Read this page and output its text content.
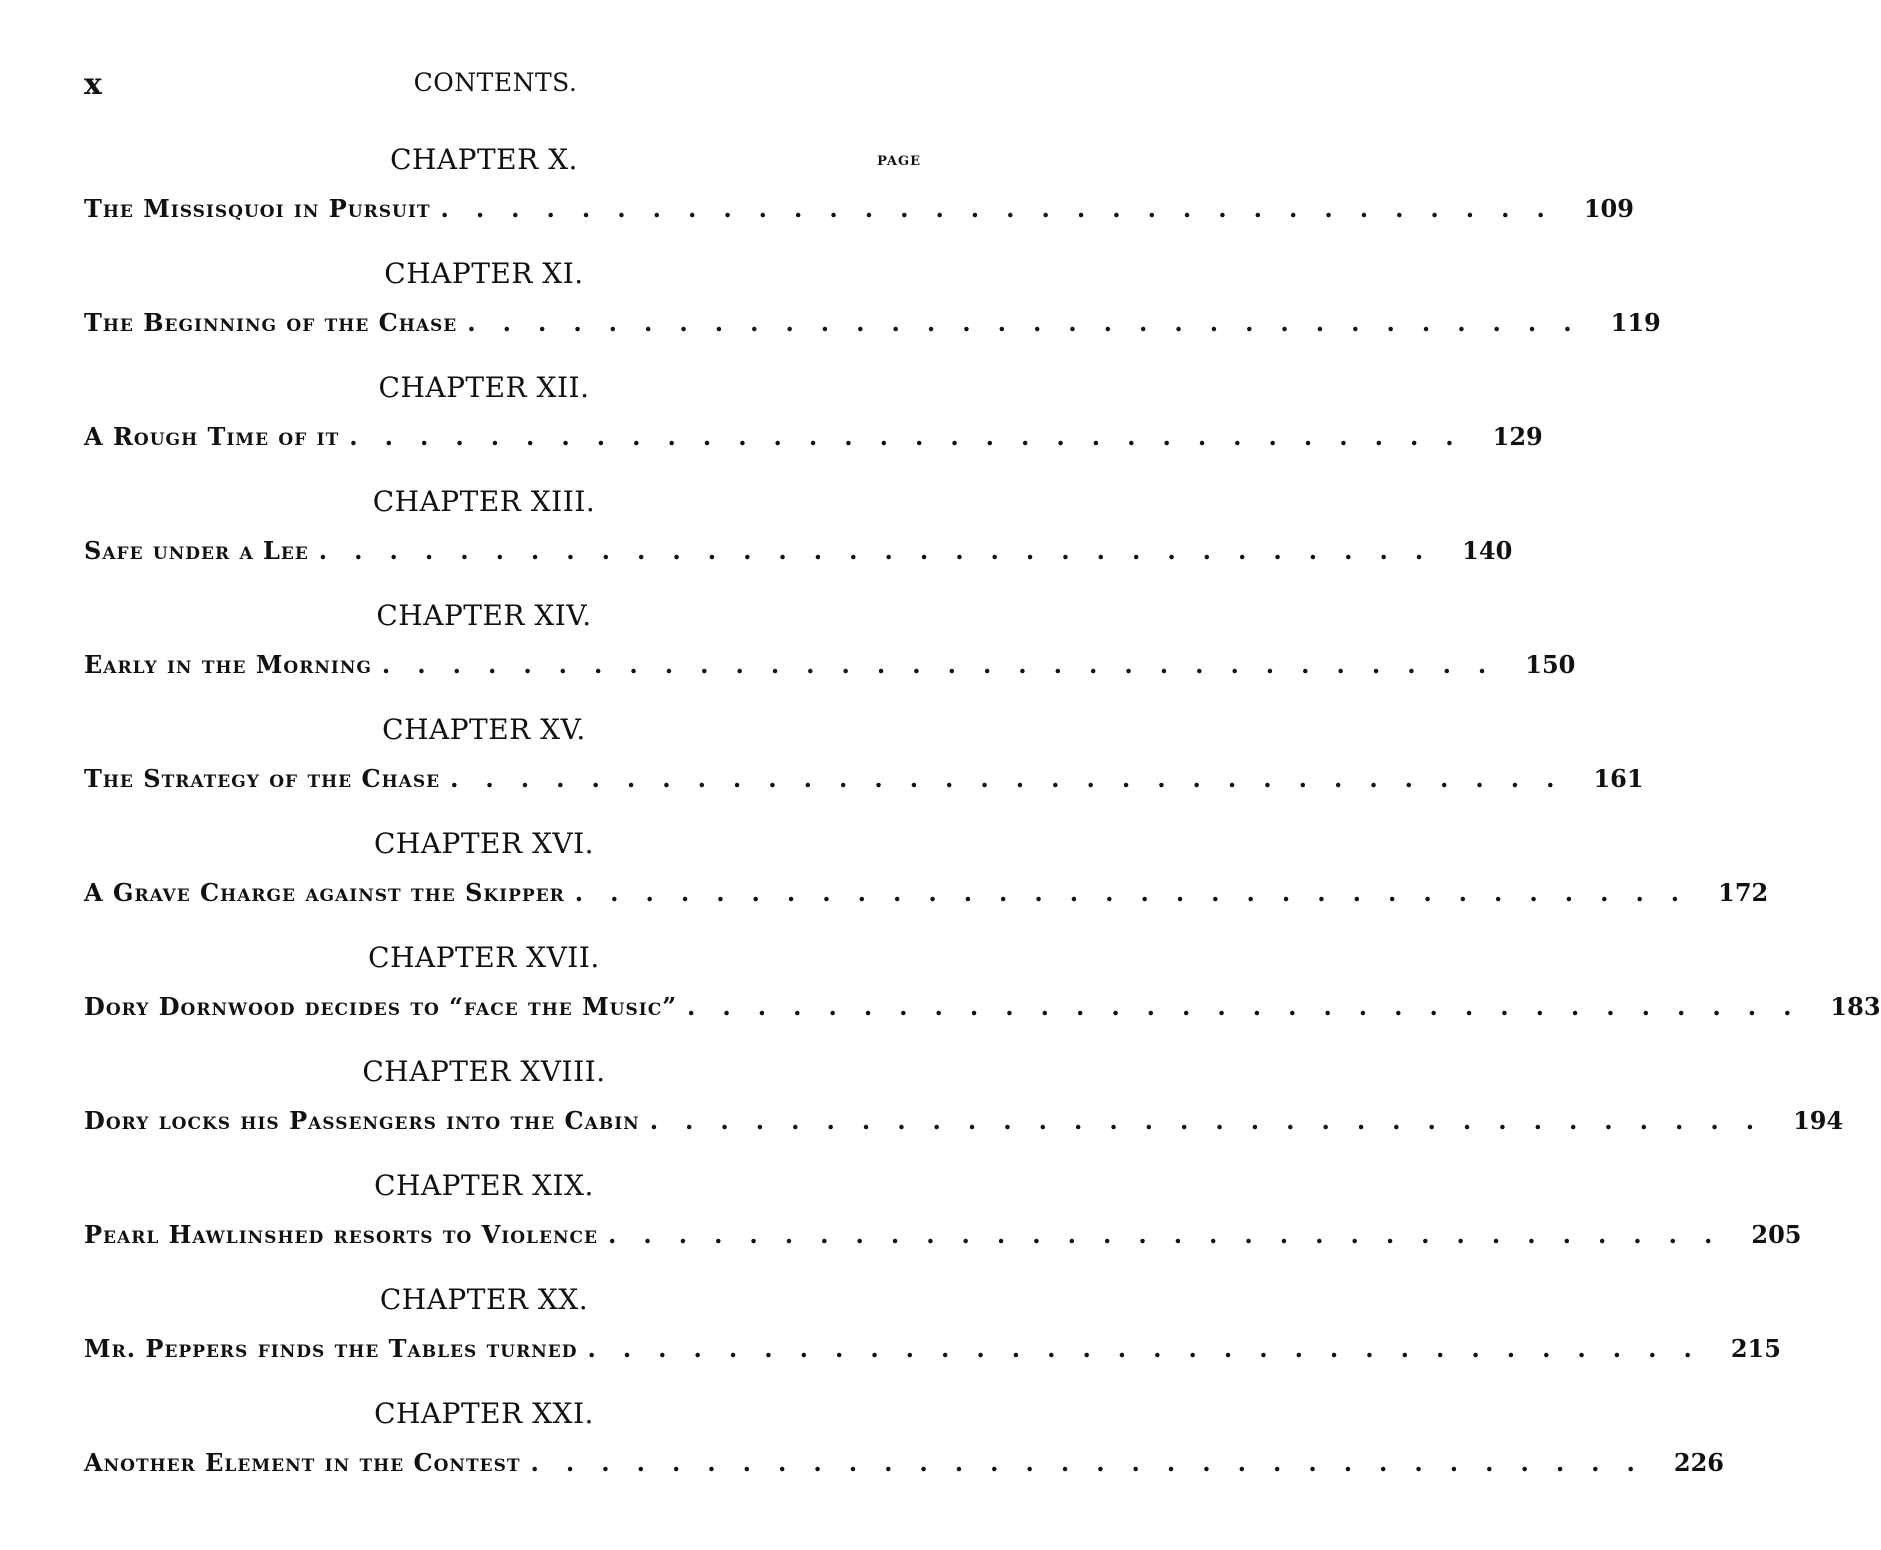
x	CONTENTS.
PAGE
CHAPTER X.
The Missisquoi in Pursuit ................................ 109
CHAPTER XI.
The Beginning of the Chase ................................ 119
CHAPTER XII.
A Rough Time of it ................................ 129
CHAPTER XIII.
Safe under a Lee ................................ 140
CHAPTER XIV.
Early in the Morning ................................ 150
CHAPTER XV.
The Strategy of the Chase ................................ 161
CHAPTER XVI.
A Grave Charge against the Skipper ................................ 172
CHAPTER XVII.
Dory Dornwood decides to “face the Music” ................................ 183
CHAPTER XVIII.
Dory locks his Passengers into the Cabin ................................ 194
CHAPTER XIX.
Pearl Hawlinshed resorts to Violence ................................ 205
CHAPTER XX.
Mr. Peppers finds the Tables turned ................................ 215
CHAPTER XXI.
Another Element in the Contest ................................ 226
